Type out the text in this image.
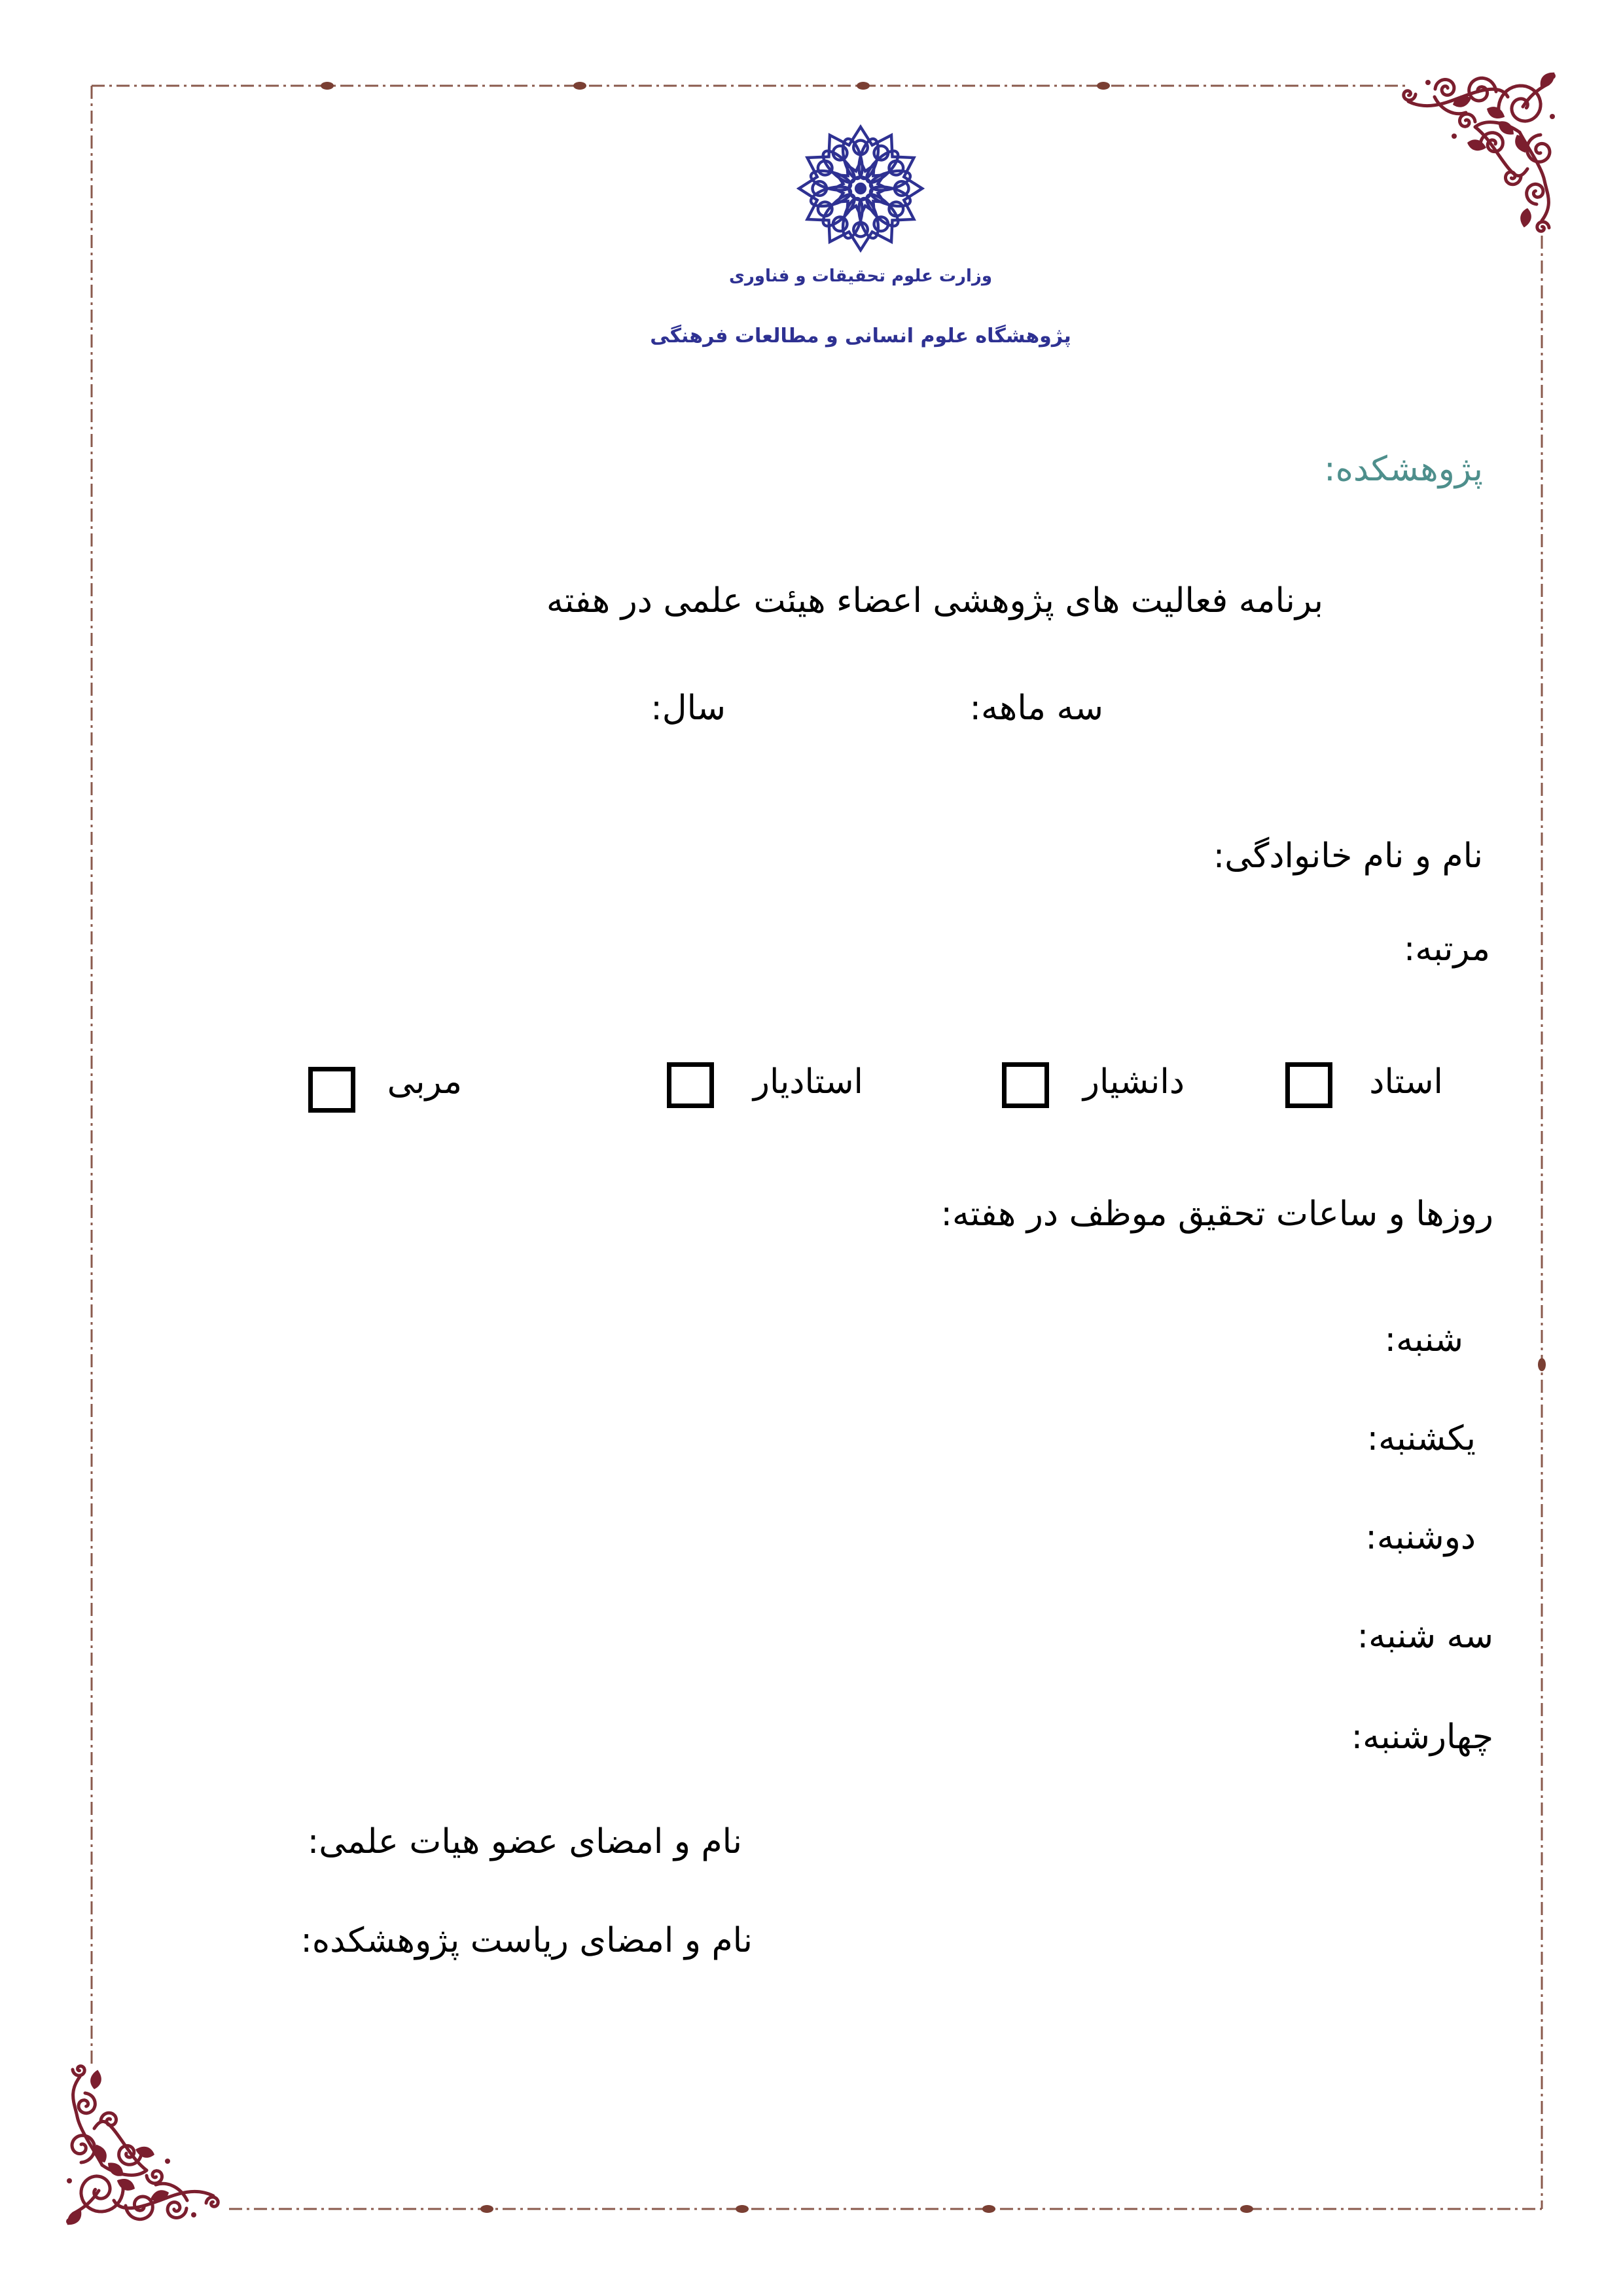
وزارت علوم تحقیقات و فناوری
پژوهشگاه علوم انسانی و مطالعات فرهنگی
پژوهشکده:
برنامه فعالیت های پژوهشی اعضاء هیئت علمی در هفته
سه ماهه:
سال:
نام و نام خانوادگی:
مرتبه:
استاد
دانشیار
استادیار
مربی
روزها و ساعات تحقیق موظف در هفته:
شنبه:
یکشنبه:
دوشنبه:
سه شنبه:
چهارشنبه:
نام و امضای عضو هیات علمی:
نام و امضای ریاست پژوهشکده:
